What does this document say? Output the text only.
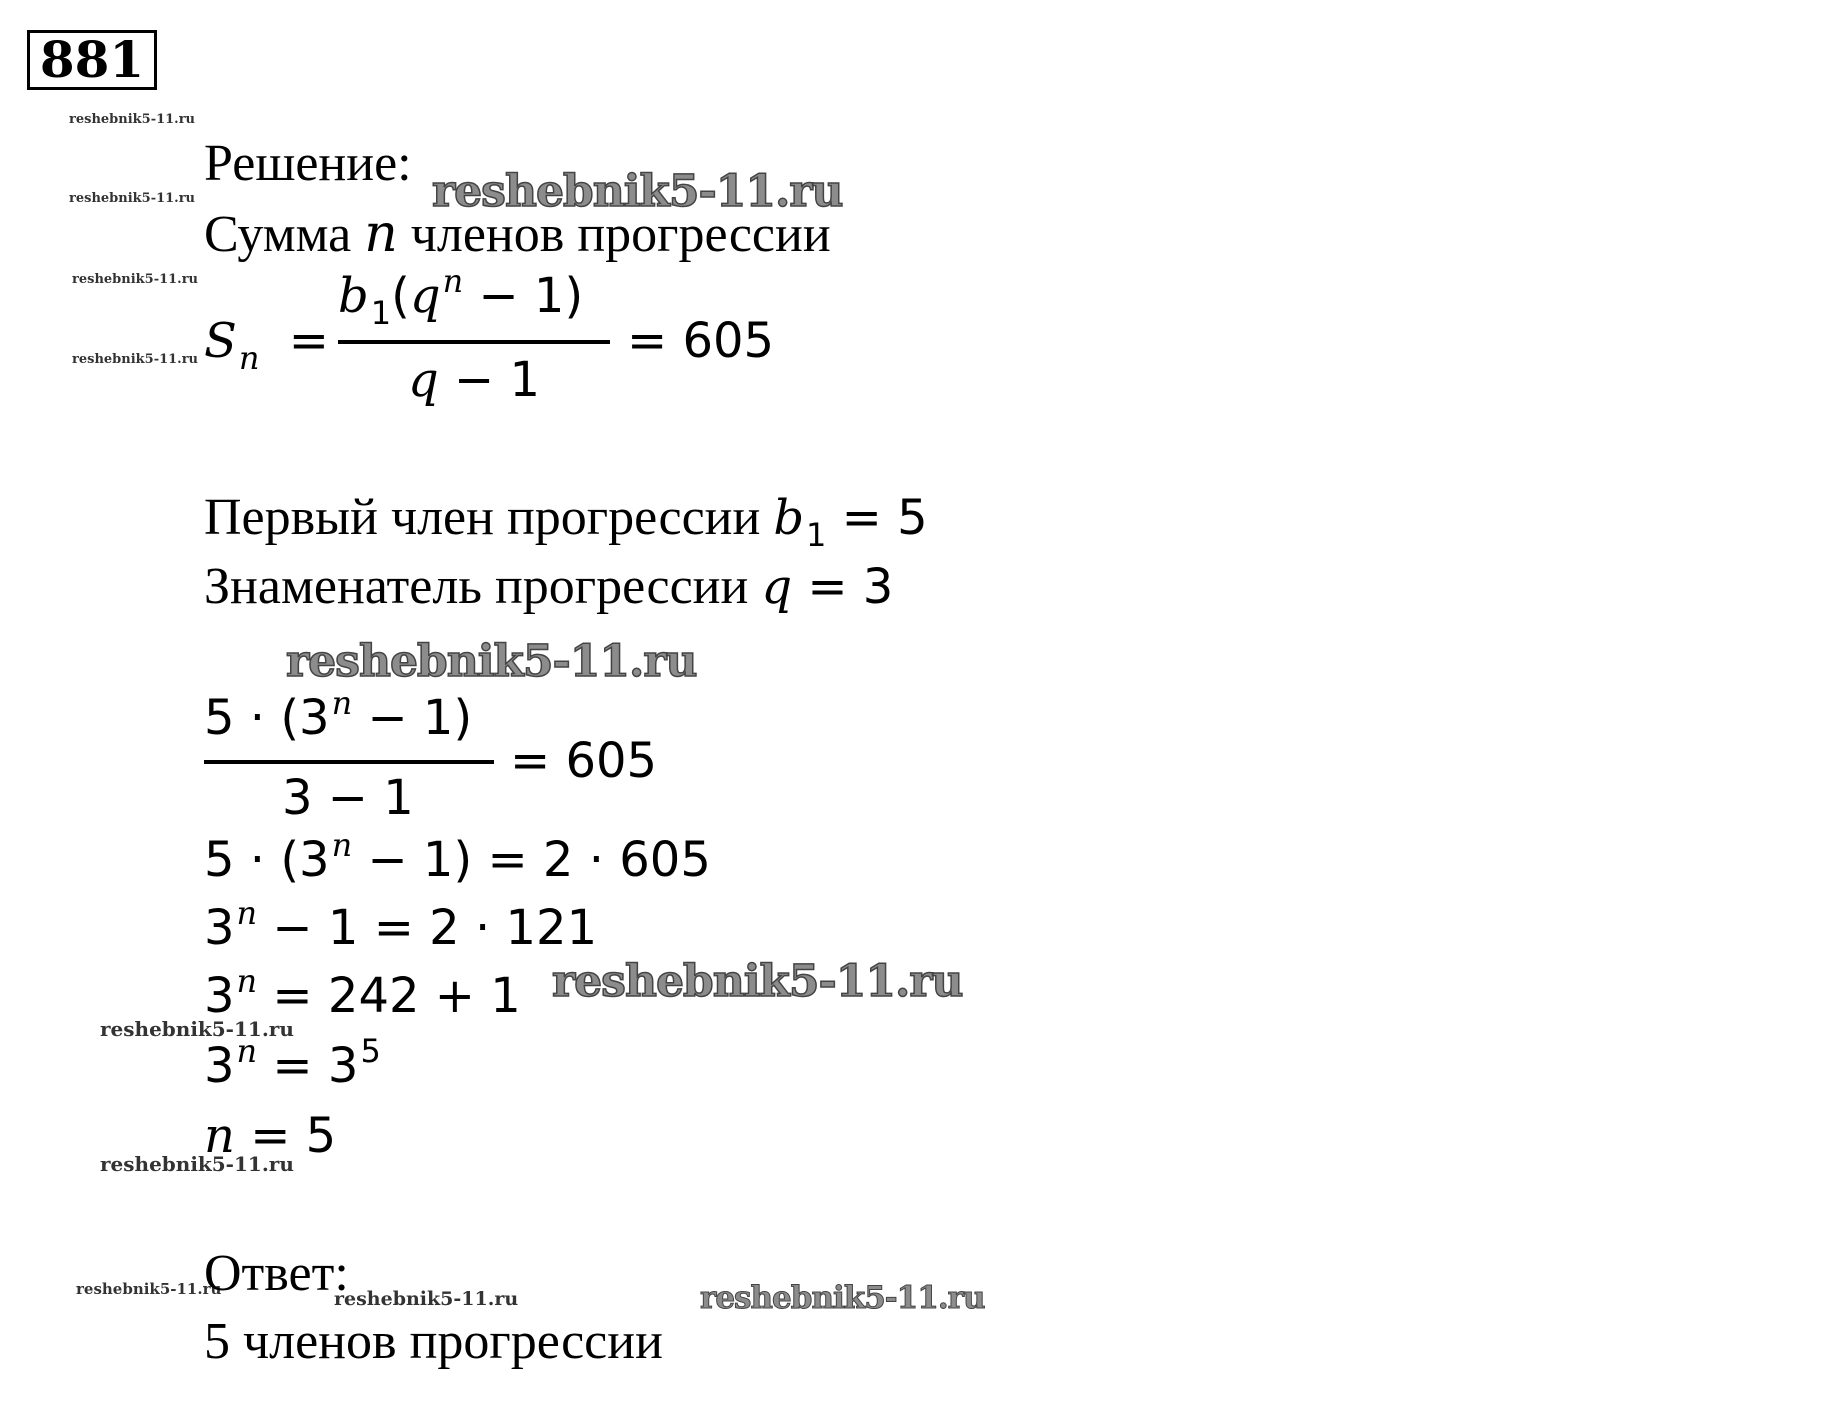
881
reshebnik5-11.ru
reshebnik5-11.ru
reshebnik5-11.ru
reshebnik5-11.ru
reshebnik5-11.ru
reshebnik5-11.ru
reshebnik5-11.ru	reshebnik5-11.ru
Решение: reshebnik5-11.ru
Сумма n членов прогрессии
$S_n$ =
$b_1(q^n - 1)$
q − 1
= 605
Первый член прогрессии $b_1 = 5$
Знаменатель прогрессии q = 3
reshebnik5-11.ru
$5 \cdot (3^n - 1)$
3 − 1
= 605
$5 \cdot (3^n - 1) = 2 \cdot 605$
$3^n - 1 = 2 \cdot 121$
$3^n = 242 + 1$ reshebnik5-11.ru
$3^n = 3^5$
n = 5
Ответ:	reshebnik5-11.ru
5 членов прогрессии
